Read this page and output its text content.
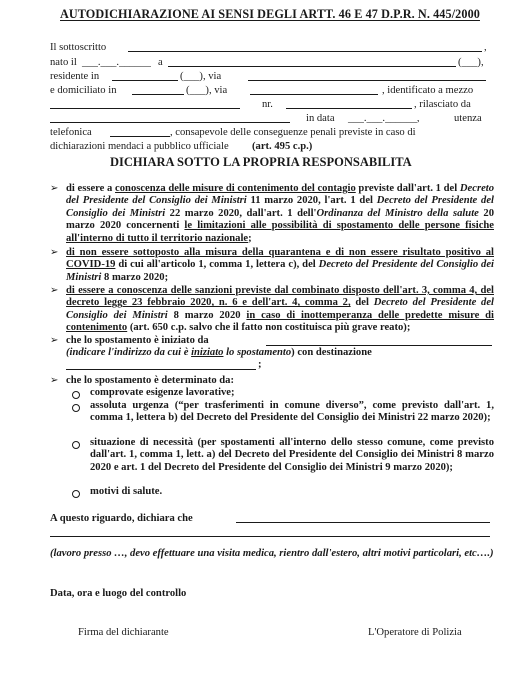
AUTODICHIARAZIONE AI SENSI DEGLI ARTT. 46 E 47 D.P.R. N. 445/2000
Il sottoscritto	,
nato il ___.___.______ a	(___),
residente in	(___), via
e domiciliato in	(___), via	, identificato a mezzo
nr.	, rilasciato da
in data ___.___.______,	utenza
telefonica	, consapevole delle conseguenze penali previste in caso di
dichiarazioni mendaci a pubblico ufficiale (art. 495 c.p.)
DICHIARA SOTTO LA PROPRIA RESPONSABILITA
➢ di essere a conoscenza delle misure di contenimento del contagio previste dall'art. 1 del Decreto del Presidente del Consiglio dei Ministri 11 marzo 2020, l'art. 1 del Decreto del Presidente del Consiglio dei Ministri 22 marzo 2020, dall'art. 1 dell'Ordinanza del Ministro della salute 20 marzo 2020 concernenti le limitazioni alle possibilità di spostamento delle persone fisiche all'interno di tutto il territorio nazionale;
➢ di non essere sottoposto alla misura della quarantena e di non essere risultato positivo al COVID-19 di cui all'articolo 1, comma 1, lettera c), del Decreto del Presidente del Consiglio dei Ministri 8 marzo 2020;
➢ di essere a conoscenza delle sanzioni previste dal combinato disposto dell'art. 3, comma 4, del decreto legge 23 febbraio 2020, n. 6 e dell'art. 4, comma 2, del Decreto del Presidente del Consiglio dei Ministri 8 marzo 2020 in caso di inottemperanza delle predette misure di contenimento (art. 650 c.p. salvo che il fatto non costituisca più grave reato);
➢ che lo spostamento è iniziato da
(indicare l'indirizzo da cui è iniziato lo spostamento) con destinazione
;
➢ che lo spostamento è determinato da:
comprovate esigenze lavorative;
assoluta urgenza (“per trasferimenti in comune diverso”, come previsto dall'art. 1, comma 1, lettera b) del Decreto del Presidente del Consiglio dei Ministri 22 marzo 2020);
situazione di necessità (per spostamenti all'interno dello stesso comune, come previsto dall'art. 1, comma 1, lett. a) del Decreto del Presidente del Consiglio dei Ministri 8 marzo 2020 e art. 1 del Decreto del Presidente del Consiglio dei Ministri 9 marzo 2020);
motivi di salute.
A questo riguardo, dichiara che
(lavoro presso …, devo effettuare una visita medica, rientro dall'estero, altri motivi particolari, etc….)
Data, ora e luogo del controllo
Firma del dichiarante	L'Operatore di Polizia
